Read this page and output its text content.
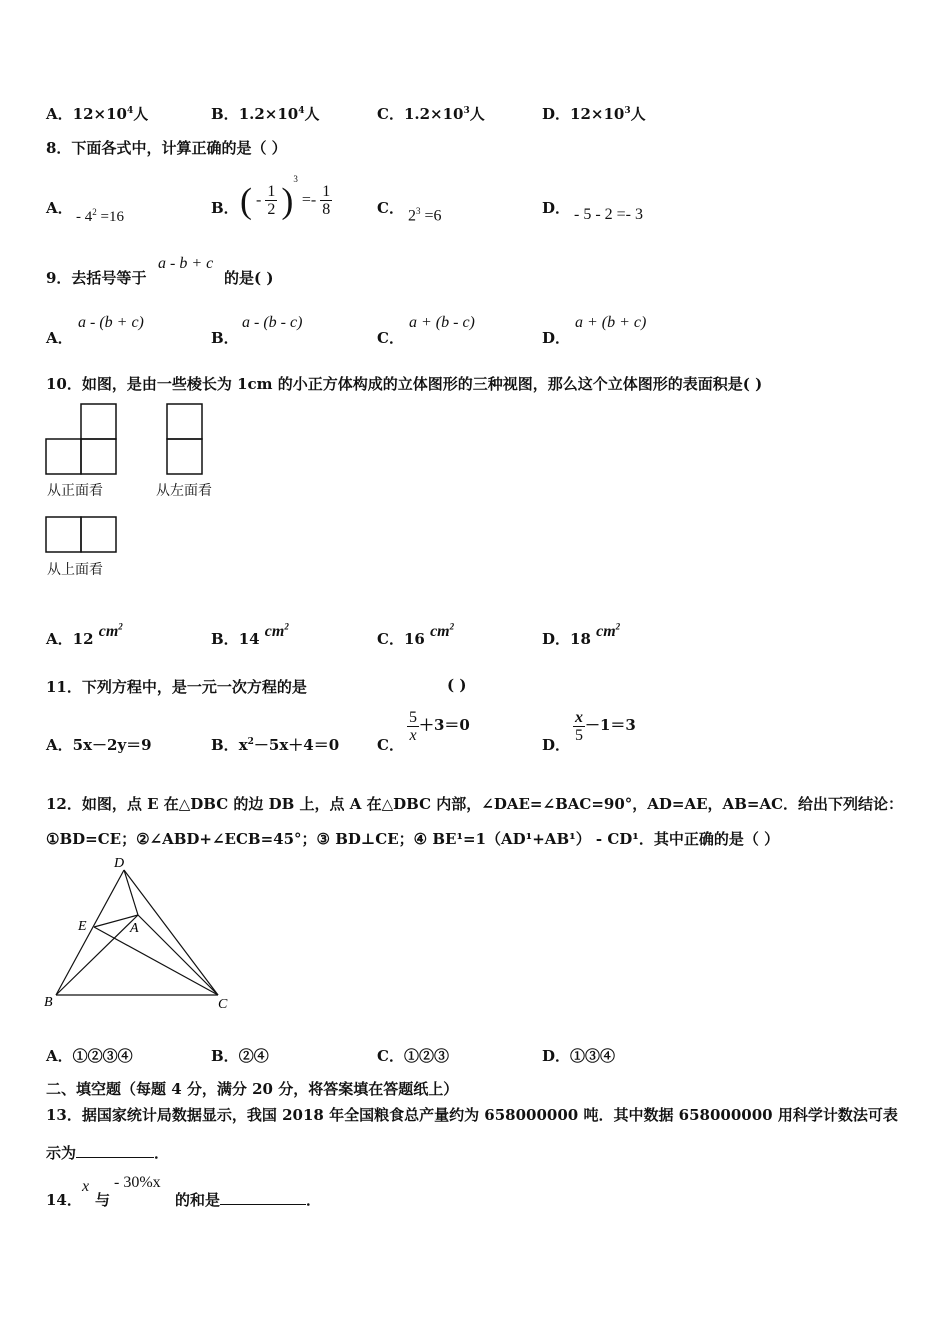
A．$12\times 10^4$人	B．$1.2\times 10^4$人	C．$1.2\times 10^3$人	D．$12\times 10^3$人
8．下面各式中，计算正确的是（ ）
A． - $4^2 =16$	B． ( - $\frac{1}{2} )^3 =- \frac{1}{8}$	C． $2^3 =6$	D． - 5 - 2 =- 3
9．去括号等于
a - b + c
的是( )
A．
a - (b + c)
B．
a - (b - c)
C．
a + (b - c)
D．
a + (b + c)
10．如图，是由一些棱长为 1cm 的小正方体构成的立体图形的三种视图，那么这个立体图形的表面积是( )
从正面看	从左面看
从上面看
A．12 $cm^2$
B．14 $cm^2$
C．16 $cm^2$
D．18 $cm^2$
11．下列方程中，是一元一次方程的是	( )
A．5x－2y＝9	B．$x^2-5x+4=0$	C．
$\frac{5}{x} +3=0$
D．
$\frac{x}{5} -1=3$
12．如图，点 E 在△DBC 的边 DB 上，点 A 在△DBC 内部，∠DAE=∠BAC=90°，AD=AE，AB=AC．给出下列结论：
①BD=CE；②∠ABD+∠ECB=45°；③ BD⊥CE；④ BE¹=1（AD¹+AB¹） - CD¹．其中正确的是（ ）
D
E	A
B	C
A．①②③④	B．②④	C．①②③	D．①③④
二、填空题（每题 4 分，满分 20 分，将答案填在答题纸上）
13．据国家统计局数据显示，我国 2018 年全国粮食总产量约为 658000000 吨．其中数据 658000000 用科学计数法可表
示为	．
14．
x
与
- 30%x
的和是	．
